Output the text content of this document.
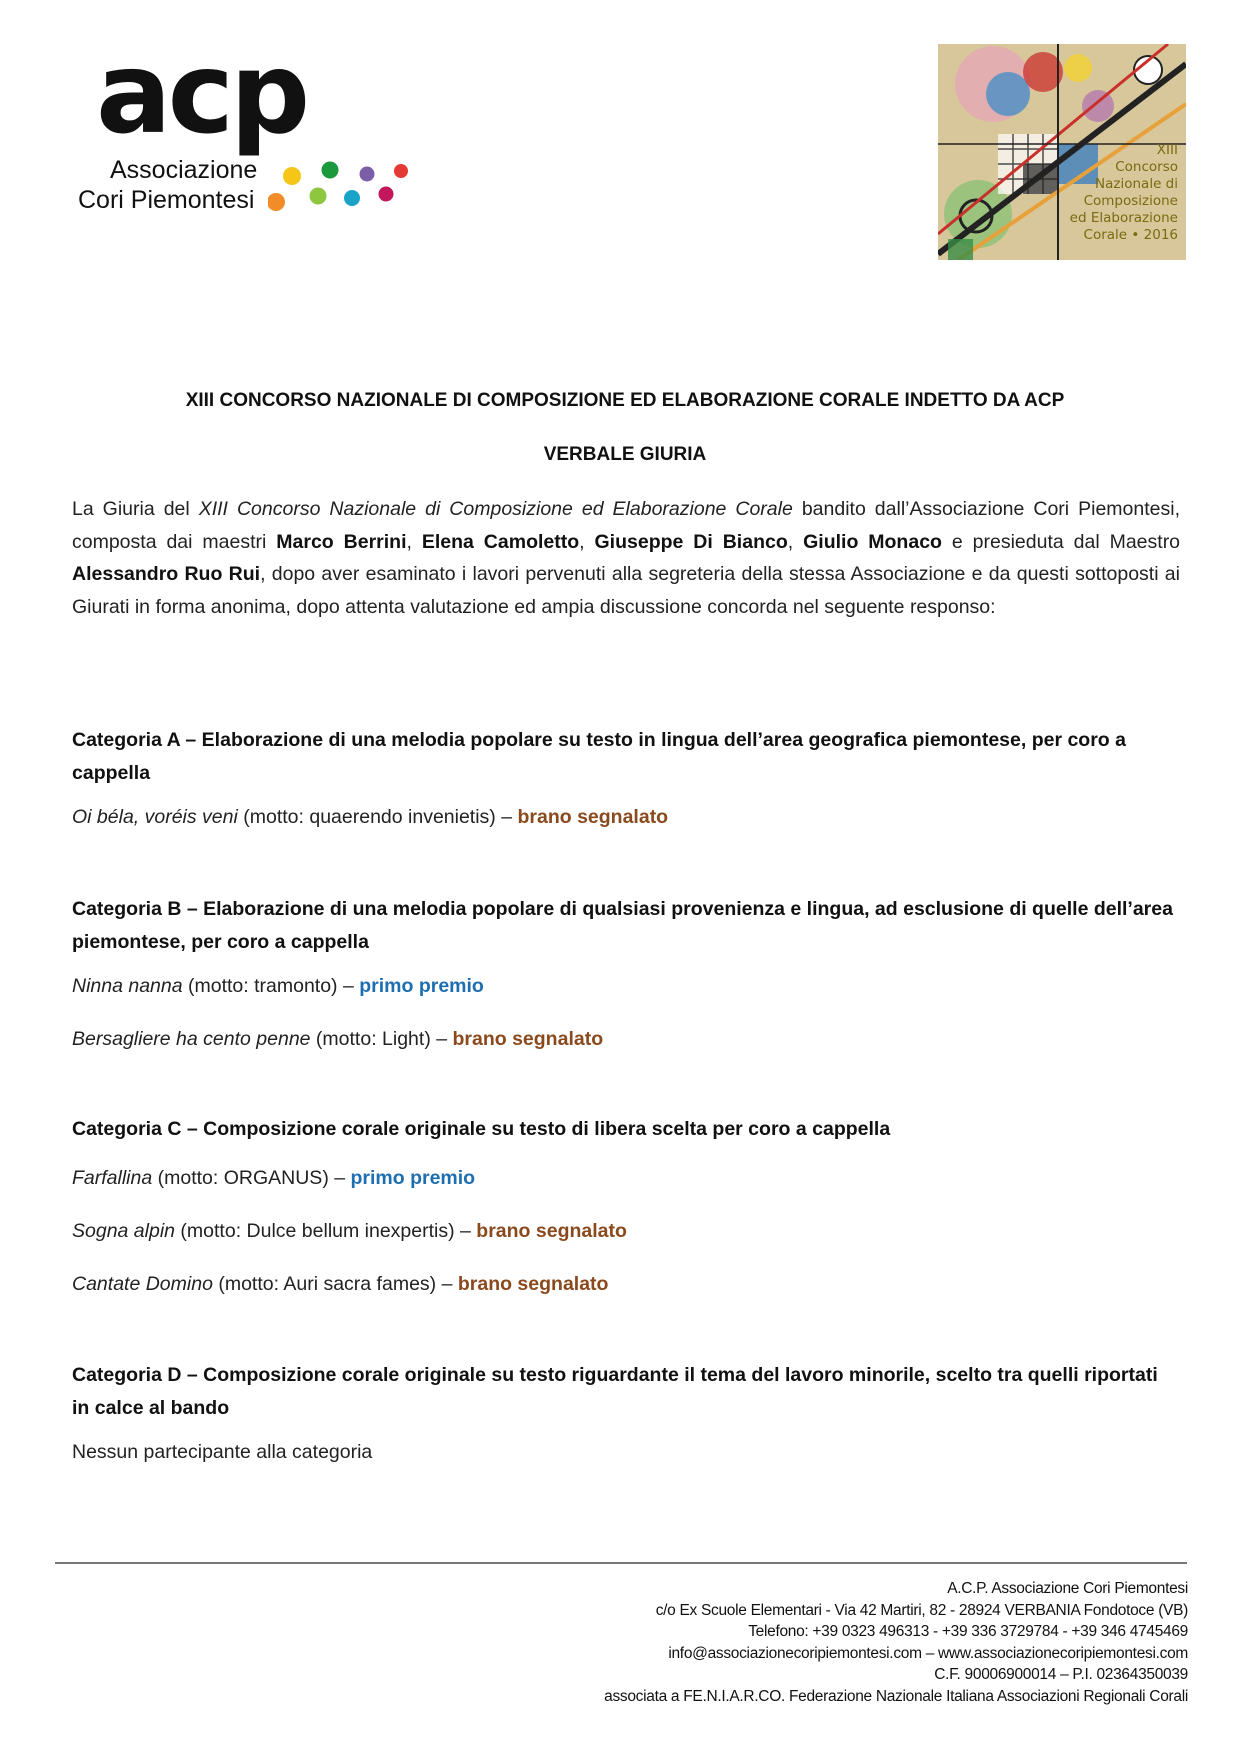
acp
Associazione
Cori Piemontesi
XIII
Concorso
Nazionale di
Composizione
ed Elaborazione
Corale • 2016
XIII CONCORSO NAZIONALE DI COMPOSIZIONE ED ELABORAZIONE CORALE INDETTO DA ACP
VERBALE GIURIA
La Giuria del XIII Concorso Nazionale di Composizione ed Elaborazione Corale bandito dall’Associazione Cori Piemontesi, composta dai maestri Marco Berrini, Elena Camoletto, Giuseppe Di Bianco, Giulio Monaco e presieduta dal Maestro Alessandro Ruo Rui, dopo aver esaminato i lavori pervenuti alla segreteria della stessa Associazione e da questi sottoposti ai Giurati in forma anonima, dopo attenta valutazione ed ampia discussione concorda nel seguente responso:
Categoria A – Elaborazione di una melodia popolare su testo in lingua dell’area geografica piemontese, per coro a cappella
Oi béla, voréis veni (motto: quaerendo invenietis) – brano segnalato
Categoria B – Elaborazione di una melodia popolare di qualsiasi provenienza e lingua, ad esclusione di quelle dell’area piemontese, per coro a cappella
Ninna nanna (motto: tramonto) – primo premio
Bersagliere ha cento penne (motto: Light) – brano segnalato
Categoria C – Composizione corale originale su testo di libera scelta per coro a cappella
Farfallina (motto: ORGANUS) – primo premio
Sogna alpin (motto: Dulce bellum inexpertis) – brano segnalato
Cantate Domino (motto: Auri sacra fames) – brano segnalato
Categoria D – Composizione corale originale su testo riguardante il tema del lavoro minorile, scelto tra quelli riportati in calce al bando
Nessun partecipante alla categoria
A.C.P. Associazione Cori Piemontesi
c/o Ex Scuole Elementari - Via 42 Martiri, 82 - 28924 VERBANIA Fondotoce (VB)
Telefono: +39 0323 496313 - +39 336 3729784 - +39 346 4745469
info@associazionecoripiemontesi.com – www.associazionecoripiemontesi.com
C.F. 90006900014 – P.I. 02364350039
associata a FE.N.I.A.R.CO. Federazione Nazionale Italiana Associazioni Regionali Corali
